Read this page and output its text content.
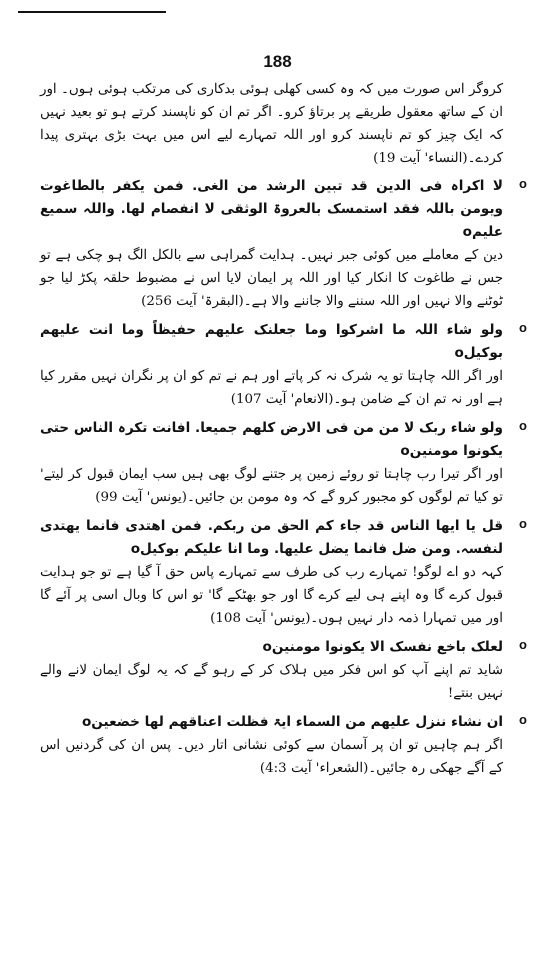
188

کروگر اس صورت میں کہ وہ کسی کھلی ہوئی بدکاری کی مرتکب ہوئی ہوں۔ اور ان کے ساتھ معقول طریقے پر برتاؤ کرو۔ اگر تم ان کو ناپسند کرتے ہو تو بعید نہیں کہ ایک چیز کو تم ناپسند کرو اور اللہ تمہارے لیے اس میں بہت بڑی بہتری پیدا کردے۔(النساء' آیت 19)

o

لا اکراہ فی الدین قد تبین الرشد من الغی. فمن یکفر بالطاغوت ویومن باللہ فقد استمسک بالعروۃ الوثقی لا انفصام لھا. واللہ سمیع علیمo

دین کے معاملے میں کوئی جبر نہیں۔ ہدایت گمراہی سے بالکل الگ ہو چکی ہے تو جس نے طاغوت کا انکار کیا اور اللہ پر ایمان لایا اس نے مضبوط حلقہ پکڑ لیا جو ٹوٹنے والا نہیں اور اللہ سننے والا جاننے والا ہے۔(البقرۃ' آیت 256)

o

ولو شاء اللہ ما اشرکوا وما جعلنک علیھم حفیظاً وما انت علیھم بوکیلo

اور اگر اللہ چاہتا تو یہ شرک نہ کر پاتے اور ہم نے تم کو ان پر نگران نہیں مقرر کیا ہے اور نہ تم ان کے ضامن ہو۔(الانعام' آیت 107)

o

ولو شاء ربک لا من من فی الارض کلھم جمیعا. افانت تکرہ الناس حتی یکونوا مومنینo

اور اگر تیرا رب چاہتا تو روئے زمین پر جتنے لوگ بھی ہیں سب ایمان قبول کر لیتے' تو کیا تم لوگوں کو مجبور کرو گے کہ وہ مومن بن جائیں۔(یونس' آیت 99)

o

قل یا ایھا الناس قد جاء کم الحق من ربکم. فمن اھتدی فانما یھتدی لنفسہ. ومن ضل فانما یضل علیھا. وما انا علیکم بوکیلo

کہہ دو اے لوگو! تمہارے رب کی طرف سے تمہارے پاس حق آ گیا ہے تو جو ہدایت قبول کرے گا وہ اپنے ہی لیے کرے گا اور جو بھٹکے گا' تو اس کا وبال اسی پر آئے گا اور میں تمہارا ذمہ دار نہیں ہوں۔(یونس' آیت 108)

o

لعلک باخع نفسک الا یکونوا مومنینo

شاید تم اپنے آپ کو اس فکر میں ہلاک کر کے رہو گے کہ یہ لوگ ایمان لانے والے نہیں بنتے!

o

ان نشاء ننزل علیھم من السماء ایۃ فظلت اعناقھم لھا خضعینo

اگر ہم چاہیں تو ان پر آسمان سے کوئی نشانی اتار دیں۔ پس ان کی گردنیں اس کے آگے جھکی رہ جائیں۔(الشعراء' آیت 4:3)
